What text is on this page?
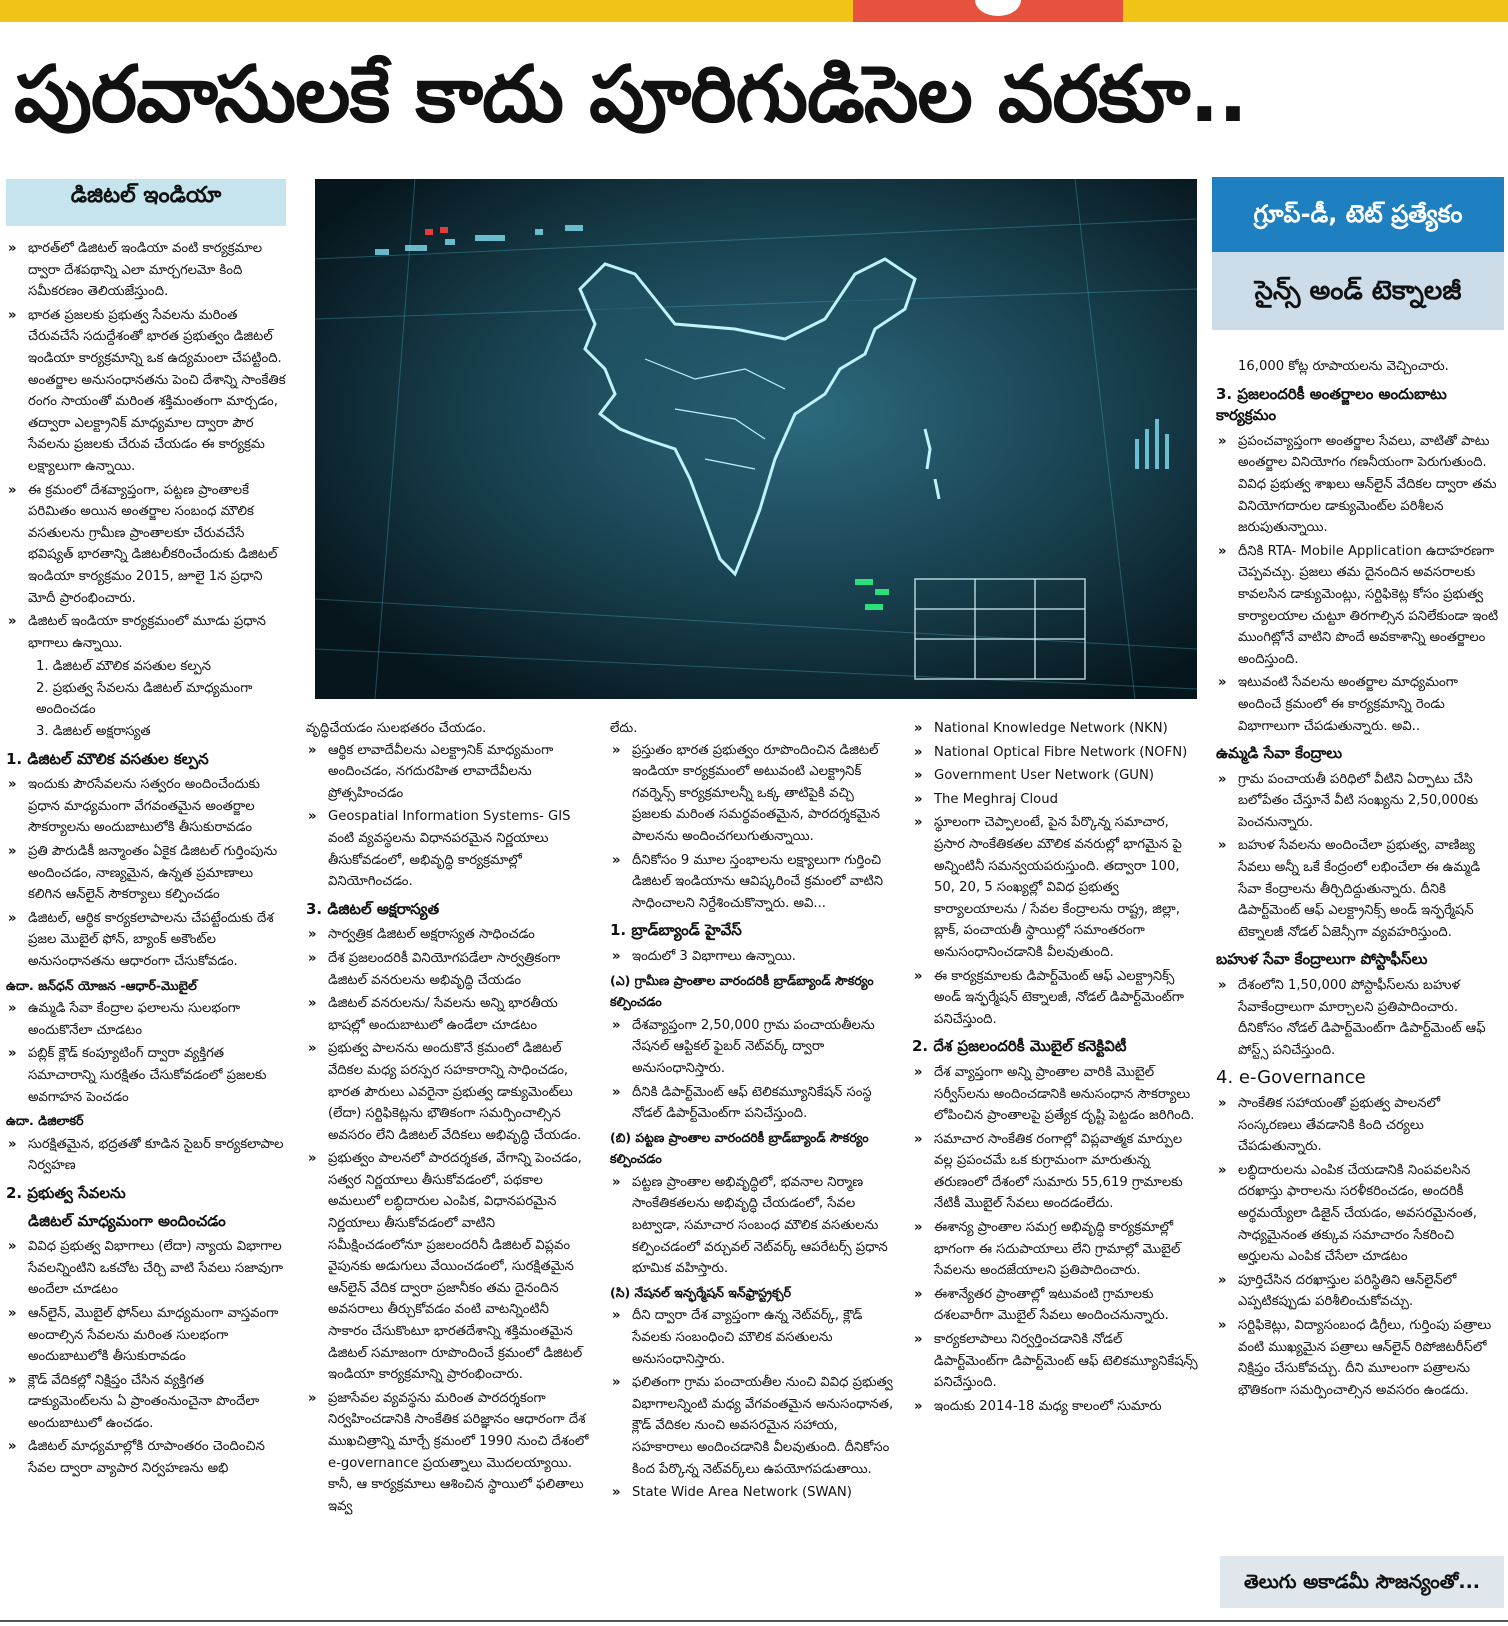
పురవాసులకే కాదు పూరిగుడిసెల వరకూ..
డిజిటల్ ఇండియా
» భారత్‌లో డిజిటల్ ఇండియా వంటి కార్యక్రమాల ద్వారా దేశపథాన్ని ఎలా మార్చగలమో కింది సమీకరణం తెలియజేస్తుంది.
» భారత ప్రజలకు ప్రభుత్వ సేవలను మరింత చేరువచేసే సదుద్దేశంతో భారత ప్రభుత్వం డిజిటల్ ఇండియా కార్యక్రమాన్ని ఒక ఉద్యమంలా చేపట్టింది. అంతర్జాల అనుసంధానతను పెంచి దేశాన్ని సాంకేతిక రంగం సాయంతో మరింత శక్తిమంతంగా మార్చడం, తద్వారా ఎలక్ట్రానిక్ మాధ్యమాల ద్వారా పౌర సేవలను ప్రజలకు చేరువ చేయడం ఈ కార్యక్రమ లక్ష్యాలుగా ఉన్నాయి.
» ఈ క్రమంలో దేశవ్యాప్తంగా, పట్టణ ప్రాంతాలకే పరిమితం అయిన అంతర్జాల సంబంధ మౌలిక వసతులను గ్రామీణ ప్రాంతాలకూ చేరువచేసే భవిష్యత్ భారతాన్ని డిజిటలీకరించేందుకు డిజిటల్ ఇండియా కార్యక్రమం 2015, జూలై 1న ప్రధాని మోదీ ప్రారంభించారు.
» డిజిటల్ ఇండియా కార్యక్రమంలో మూడు ప్రధాన భాగాలు ఉన్నాయి.
1. డిజిటల్ మౌలిక వసతుల కల్పన
2. ప్రభుత్వ సేవలను డిజిటల్ మాధ్యమంగా అందించడం
3. డిజిటల్ అక్షరాస్యత
1. డిజిటల్ మౌలిక వసతుల కల్పన
» ఇందుకు పౌరసేవలను సత్వరం అందించేందుకు ప్రధాన మాధ్యమంగా వేగవంతమైన అంతర్జాల సౌకర్యాలను అందుబాటులోకి తీసుకురావడం
» ప్రతి పౌరుడికీ జన్మాంతం ఏకైక డిజిటల్ గుర్తింపును అందించడం, నాణ్యమైన, ఉన్నత ప్రమాణాలు కలిగిన ఆన్‌లైన్ సౌకర్యాలు కల్పించడం
» డిజిటల్, ఆర్థిక కార్యకలాపాలను చేపట్టేందుకు దేశ ప్రజల మొబైల్ ఫోన్, బ్యాంక్ అకౌంట్‌ల అనుసంధానతను ఆధారంగా చేసుకోవడం.
ఉదా. జన్‌ధన్ యోజన -ఆధార్-మొబైల్
» ఉమ్మడి సేవా కేంద్రాల ఫలాలను సులభంగా అందుకొనేలా చూడటం
» పబ్లిక్ క్లౌడ్ కంప్యూటింగ్ ద్వారా వ్యక్తిగత సమాచారాన్ని సురక్షితం చేసుకోవడంలో ప్రజలకు అవగాహన పెంచడం
ఉదా. డిజిలాకర్
» సురక్షితమైన, భద్రతతో కూడిన సైబర్ కార్యకలాపాల నిర్వహణ
2. ప్రభుత్వ సేవలను
డిజిటల్ మాధ్యమంగా అందించడం
» వివిధ ప్రభుత్వ విభాగాలు (లేదా) న్యాయ విభాగాల సేవలన్నింటిని ఒకచోట చేర్చి వాటి సేవలు సజావుగా అందేలా చూడటం
» ఆన్‌లైన్, మొబైల్ ఫోన్‌లు మాధ్యమంగా వాస్తవంగా అందాల్సిన సేవలను మరింత సులభంగా అందుబాటులోకి తీసుకురావడం
» క్లౌడ్ వేదికల్లో నిక్షిప్తం చేసిన వ్యక్తిగత డాక్యుమెంట్‌లను ఏ ప్రాంతంనుంచైనా పొందేలా అందుబాటులో ఉంచడం.
» డిజిటల్ మాధ్యమాల్లోకి రూపాంతరం చెందించిన సేవల ద్వారా వ్యాపార నిర్వహణను అభి
వృద్ధిచేయడం సులభతరం చేయడం.
» ఆర్థిక లావాదేవీలను ఎలక్ట్రానిక్ మాధ్యమంగా అందించడం, నగదురహిత లావాదేవీలను ప్రోత్సహించడం
» Geospatial Information Systems- GIS వంటి వ్యవస్థలను విధానపరమైన నిర్ణయాలు తీసుకోవడంలో, అభివృద్ధి కార్యక్రమాల్లో వినియోగించడం.
3. డిజిటల్ అక్షరాస్యత
» సార్వత్రిక డిజిటల్ అక్షరాస్యత సాధించడం
» దేశ ప్రజలందరికీ వినియోగపడేలా సార్వత్రికంగా డిజిటల్ వనరులను అభివృద్ధి చేయడం
» డిజిటల్ వనరులను/ సేవలను అన్ని భారతీయ భాషల్లో అందుబాటులో ఉండేలా చూడటం
» ప్రభుత్వ పాలనను అందుకొనే క్రమంలో డిజిటల్ వేదికల మధ్య పరస్పర సహకారాన్ని సాధించడం, భారత పౌరులు ఎవరైనా ప్రభుత్వ డాక్యుమెంట్‌లు (లేదా) సర్టిఫికెట్లను భౌతికంగా సమర్పించాల్సిన అవసరం లేని డిజిటల్ వేదికలు అభివృద్ధి చేయడం.
» ప్రభుత్వం పాలనలో పారదర్శకత, వేగాన్ని పెంచడం, సత్వర నిర్ణయాలు తీసుకోవడంలో, పథకాల అమలులో లబ్ధిదారుల ఎంపిక, విధానపరమైన నిర్ణయాలు తీసుకోవడంలో వాటిని సమీక్షించడంలోనూ ప్రజలందరినీ డిజిటల్ విప్లవం వైపునకు అడుగులు వేయించడంలో, సురక్షితమైన ఆన్‌లైన్ వేదిక ద్వారా ప్రజానీకం తమ దైనందిన అవసరాలు తీర్చుకోవడం వంటి వాటన్నింటినీ సాకారం చేసుకొంటూ భారతదేశాన్ని శక్తిమంతమైన డిజిటల్ సమాజంగా రూపొందించే క్రమంలో డిజిటల్ ఇండియా కార్యక్రమాన్ని ప్రారంభించారు.
» ప్రజాసేవల వ్యవస్థను మరింత పారదర్శకంగా నిర్వహించడానికి సాంకేతిక పరిజ్ఞానం ఆధారంగా దేశ ముఖచిత్రాన్ని మార్చే క్రమంలో 1990 నుంచి దేశంలో e-governance ప్రయత్నాలు మొదలయ్యాయి. కానీ, ఆ కార్యక్రమాలు ఆశించిన స్థాయిలో ఫలితాలు ఇవ్వ
లేదు.
» ప్రస్తుతం భారత ప్రభుత్వం రూపొందించిన డిజిటల్ ఇండియా కార్యక్రమంలో అటువంటి ఎలక్ట్రానిక్ గవర్నెన్స్ కార్యక్రమాలన్నీ ఒక్క తాటిపైకి వచ్చి ప్రజలకు మరింత సమర్థవంతమైన, పారదర్శకమైన పాలనను అందించగలుగుతున్నాయి.
» దీనికోసం 9 మూల స్తంభాలను లక్ష్యాలుగా గుర్తించి డిజిటల్ ఇండియాను ఆవిష్కరించే క్రమంలో వాటిని సాధించాలని నిర్దేశించుకొన్నారు. అవి...
1. బ్రాడ్‌బ్యాండ్ హైవేస్
» ఇందులో 3 విభాగాలు ఉన్నాయి.
(ఎ) గ్రామీణ ప్రాంతాల వారందరికీ బ్రాడ్‌బ్యాండ్ సౌకర్యం కల్పించడం
» దేశవ్యాప్తంగా 2,50,000 గ్రామ పంచాయతీలను నేషనల్ ఆప్టికల్ ఫైబర్ నెట్‌వర్క్ ద్వారా అనుసంధానిస్తారు.
» దీనికి డిపార్ట్‌మెంట్ ఆఫ్ టెలికమ్యూనికేషన్ సంస్థ నోడల్ డిపార్ట్‌మెంట్‌గా పనిచేస్తుంది.
(బి) పట్టణ ప్రాంతాల వారందరికీ బ్రాడ్‌బ్యాండ్ సౌకర్యం కల్పించడం
» పట్టణ ప్రాంతాల అభివృద్ధిలో, భవనాల నిర్మాణ సాంకేతికతలను అభివృద్ధి చేయడంలో, సేవల బట్వాడా, సమాచార సంబంధ మౌలిక వసతులను కల్పించడంలో వర్చువల్ నెట్‌వర్క్ ఆపరేటర్స్ ప్రధాన భూమిక వహిస్తారు.
(సి) నేషనల్ ఇన్ఫర్మేషన్ ఇన్‌ఫ్రాస్ట్రక్చర్
» దీని ద్వారా దేశ వ్యాప్తంగా ఉన్న నెట్‌వర్క్, క్లౌడ్ సేవలకు సంబంధించి మౌలిక వసతులను అనుసంధానిస్తారు.
» ఫలితంగా గ్రామ పంచాయతీల నుంచి వివిధ ప్రభుత్వ విభాగాలన్నింటి మధ్య వేగవంతమైన అనుసంధానత, క్లౌడ్ వేదికల నుంచి అవసరమైన సహాయ, సహకారాలు అందించడానికి వీలవుతుంది. దీనికోసం కింద పేర్కొన్న నెట్‌వర్క్‌లు ఉపయోగపడుతాయి.
» State Wide Area Network (SWAN)
» National Knowledge Network (NKN)
» National Optical Fibre Network (NOFN)
» Government User Network (GUN)
» The Meghraj Cloud
» స్థూలంగా చెప్పాలంటే, పైన పేర్కొన్న సమాచార, ప్రసార సాంకేతికతల మౌలిక వనరుల్లో భాగమైన పై అన్నింటినీ సమన్వయపరుస్తుంది. తద్వారా 100, 50, 20, 5 సంఖ్యల్లో వివిధ ప్రభుత్వ కార్యాలయాలను / సేవల కేంద్రాలను రాష్ట్ర, జిల్లా, బ్లాక్, పంచాయతీ స్థాయిల్లో సమాంతరంగా అనుసంధానించడానికి వీలవుతుంది.
» ఈ కార్యక్రమాలకు డిపార్ట్‌మెంట్ ఆఫ్ ఎలక్ట్రానిక్స్ అండ్ ఇన్ఫర్మేషన్ టెక్నాలజీ, నోడల్ డిపార్ట్‌మెంట్‌గా పనిచేస్తుంది.
2. దేశ ప్రజలందరికీ మొబైల్ కనెక్టివిటీ
» దేశ వ్యాప్తంగా అన్ని ప్రాంతాల వారికి మొబైల్ సర్వీస్‌లను అందించడానికి అనుసంధాన సౌకర్యాలు లోపించిన ప్రాంతాలపై ప్రత్యేక దృష్టి పెట్టడం జరిగింది.
» సమాచార సాంకేతిక రంగాల్లో విప్లవాత్మక మార్పుల వల్ల ప్రపంచమే ఒక కుగ్రామంగా మారుతున్న తరుణంలో దేశంలో సుమారు 55,619 గ్రామాలకు నేటికీ మొబైల్ సేవలు అందడంలేదు.
» ఈశాన్య ప్రాంతాల సమగ్ర అభివృద్ధి కార్యక్రమాల్లో భాగంగా ఈ సదుపాయాలు లేని గ్రామాల్లో మొబైల్ సేవలను అందజేయాలని ప్రతిపాదించారు.
» ఈశాన్యేతర ప్రాంతాల్లో ఇటువంటి గ్రామాలకు దశలవారీగా మొబైల్ సేవలు అందించనున్నారు.
» కార్యకలాపాలు నిర్వర్తించడానికి నోడల్ డిపార్ట్‌మెంట్‌గా డిపార్ట్‌మెంట్ ఆఫ్ టెలికమ్యూనికేషన్స్ పనిచేస్తుంది.
» ఇందుకు 2014-18 మధ్య కాలంలో సుమారు
గ్రూప్-డీ, టెట్ ప్రత్యేకం
సైన్స్ అండ్ టెక్నాలజీ
16,000 కోట్ల రూపాయలను వెచ్చించారు.
3. ప్రజలందరికీ అంతర్జాలం అందుబాటు కార్యక్రమం
» ప్రపంచవ్యాప్తంగా అంతర్జాల సేవలు, వాటితో పాటు అంతర్జాల వినియోగం గణనీయంగా పెరుగుతుంది. వివిధ ప్రభుత్వ శాఖలు ఆన్‌లైన్ వేదికల ద్వారా తమ వినియోగదారుల డాక్యుమెంట్‌ల పరిశీలన జరుపుతున్నాయి.
» దీనికి RTA- Mobile Application ఉదాహరణగా చెప్పవచ్చు. ప్రజలు తమ దైనందిన అవసరాలకు కావలసిన డాక్యుమెంట్లు, సర్టిఫికెట్ల కోసం ప్రభుత్వ కార్యాలయాల చుట్టూ తిరగాల్సిన పనిలేకుండా ఇంటి ముంగిట్లోనే వాటిని పొందే అవకాశాన్ని అంతర్జాలం అందిస్తుంది.
» ఇటువంటి సేవలను అంతర్జాల మాధ్యమంగా అందించే క్రమంలో ఈ కార్యక్రమాన్ని రెండు విభాగాలుగా చేపడుతున్నారు. అవి..
ఉమ్మడి సేవా కేంద్రాలు
» గ్రామ పంచాయతీ పరిధిలో వీటిని ఏర్పాటు చేసి బలోపేతం చేస్తూనే వీటి సంఖ్యను 2,50,000కు పెంచనున్నారు.
» బహుళ సేవలను అందించేలా ప్రభుత్వ, వాణిజ్య సేవలు అన్నీ ఒకే కేంద్రంలో లభించేలా ఈ ఉమ్మడి సేవా కేంద్రాలను తీర్చిదిద్దుతున్నారు. దీనికి డిపార్ట్‌మెంట్ ఆఫ్ ఎలక్ట్రానిక్స్ అండ్ ఇన్ఫర్మేషన్ టెక్నాలజీ నోడల్ ఏజెన్సీగా వ్యవహరిస్తుంది.
బహుళ సేవా కేంద్రాలుగా పోస్టాఫీస్‌లు
» దేశంలోని 1,50,000 పోస్టాఫీస్‌లను బహుళ సేవాకేంద్రాలుగా మార్చాలని ప్రతిపాదించారు. దీనికోసం నోడల్ డిపార్ట్‌మెంట్‌గా డిపార్ట్‌మెంట్ ఆఫ్ పోస్ట్స్ పనిచేస్తుంది.
4. e-Governance
» సాంకేతిక సహాయంతో ప్రభుత్వ పాలనలో సంస్కరణలు తేవడానికి కింది చర్యలు చేపడుతున్నారు.
» లబ్ధిదారులను ఎంపిక చేయడానికి నింపవలసిన దరఖాస్తు ఫారాలను సరళీకరించడం, అందరికీ అర్థమయ్యేలా డిజైన్ చేయడం, అవసరమైనంత, సాధ్యమైనంత తక్కువ సమాచారం సేకరించి అర్హులను ఎంపిక చేసేలా చూడటం
» పూర్తిచేసిన దరఖాస్తుల పరిస్థితిని ఆన్‌లైన్‌లో ఎప్పటికప్పుడు పరిశీలించుకోవచ్చు.
» సర్టిఫికెట్లు, విద్యాసంబంధ డిగ్రీలు, గుర్తింపు పత్రాలు వంటి ముఖ్యమైన పత్రాలు ఆన్‌లైన్ రిపోజిటరీస్‌లో నిక్షిప్తం చేసుకోవచ్చు. దీని మూలంగా పత్రాలను భౌతికంగా సమర్పించాల్సిన అవసరం ఉండదు.
తెలుగు అకాడమీ సౌజన్యంతో...
